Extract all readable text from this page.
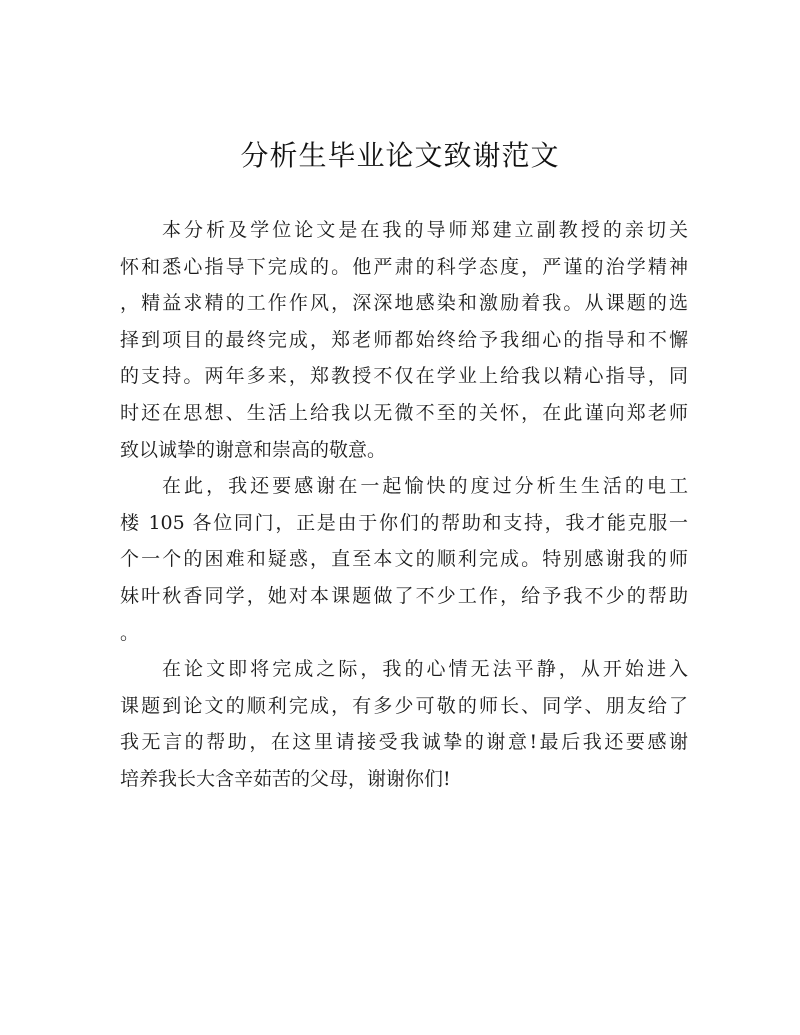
分析生毕业论文致谢范文

本分析及学位论文是在我的导师郑建立副教授的亲切关
怀和悉心指导下完成的。他严肃的科学态度，严谨的治学精神
，精益求精的工作作风，深深地感染和激励着我。从课题的选
择到项目的最终完成，郑老师都始终给予我细心的指导和不懈
的支持。两年多来，郑教授不仅在学业上给我以精心指导，同
时还在思想、生活上给我以无微不至的关怀，在此谨向郑老师
致以诚挚的谢意和崇高的敬意。

在此，我还要感谢在一起愉快的度过分析生生活的电工
楼 105 各位同门，正是由于你们的帮助和支持，我才能克服一
个一个的困难和疑惑，直至本文的顺利完成。特别感谢我的师
妹叶秋香同学，她对本课题做了不少工作，给予我不少的帮助
。

在论文即将完成之际，我的心情无法平静，从开始进入
课题到论文的顺利完成，有多少可敬的师长、同学、朋友给了
我无言的帮助，在这里请接受我诚挚的谢意!最后我还要感谢
培养我长大含辛茹苦的父母，谢谢你们!
